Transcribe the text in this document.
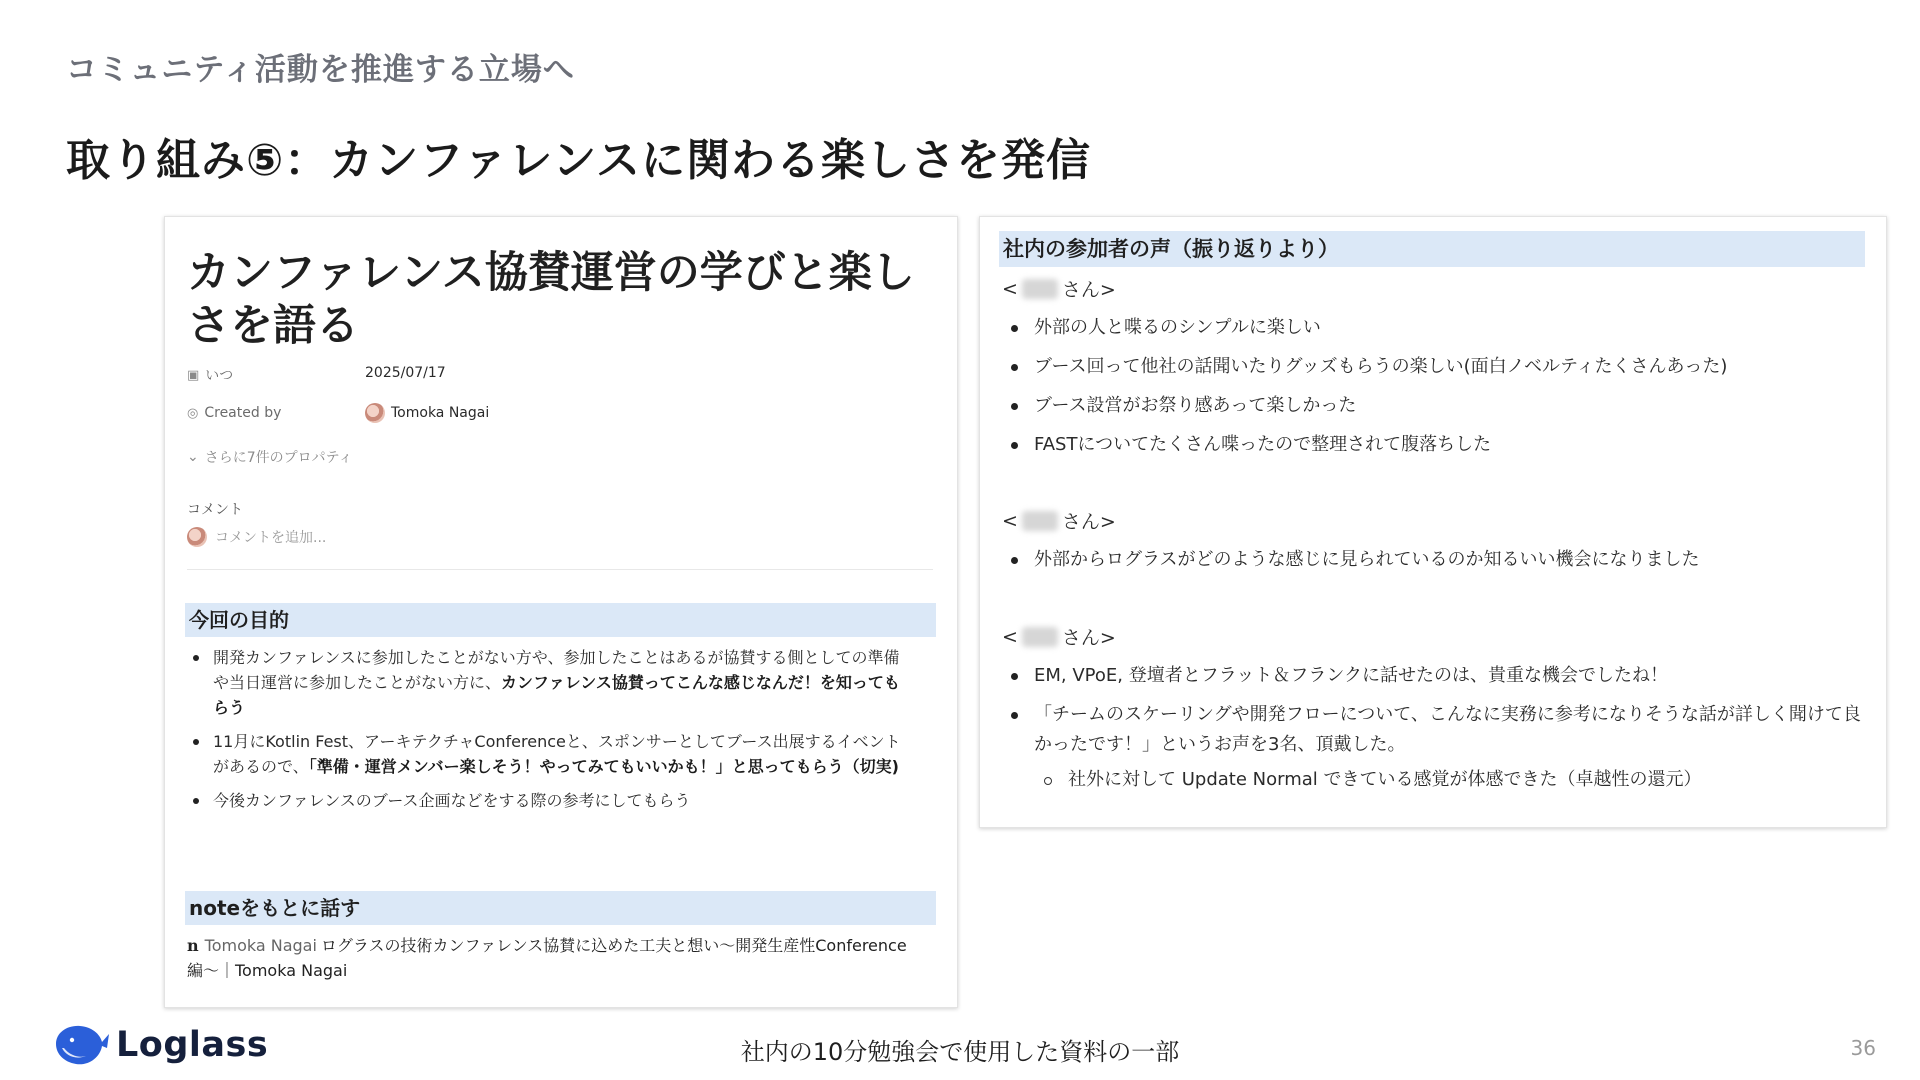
コミュニティ活動を推進する立場へ
取り組み⑤：カンファレンスに関わる楽しさを発信
カンファレンス協賛運営の学びと楽しさを語る
▣ いつ	2025/07/17
◎ Created by	Tomoka Nagai
⌄ さらに7件のプロパティ
コメント
コメントを追加...
今回の目的
開発カンファレンスに参加したことがない方や、参加したことはあるが協賛する側としての準備や当日運営に参加したことがない方に、カンファレンス協賛ってこんな感じなんだ！を知ってもらう
11月にKotlin Fest、アーキテクチャConferenceと、スポンサーとしてブース出展するイベントがあるので、「準備・運営メンバー楽しそう！やってみてもいいかも！」と思ってもらう（切実)
今後カンファレンスのブース企画などをする際の参考にしてもらう
noteをもとに話す
n Tomoka Nagai ログラスの技術カンファレンス協賛に込めた工夫と想い〜開発生産性Conference編〜｜Tomoka Nagai
社内の参加者の声（振り返りより）
< さん>
外部の人と喋るのシンプルに楽しい
ブース回って他社の話聞いたりグッズもらうの楽しい(面白ノベルティたくさんあった)
ブース設営がお祭り感あって楽しかった
FASTについてたくさん喋ったので整理されて腹落ちした
< さん>
外部からログラスがどのような感じに見られているのか知るいい機会になりました
< さん>
EM, VPoE, 登壇者とフラット＆フランクに話せたのは、貴重な機会でしたね！
「チームのスケーリングや開発フローについて、こんなに実務に参考になりそうな話が詳しく聞けて良かったです！」というお声を3名、頂戴した。
社外に対して Update Normal できている感覚が体感できた（卓越性の還元）
Loglass	社内の10分勉強会で使用した資料の一部	36
